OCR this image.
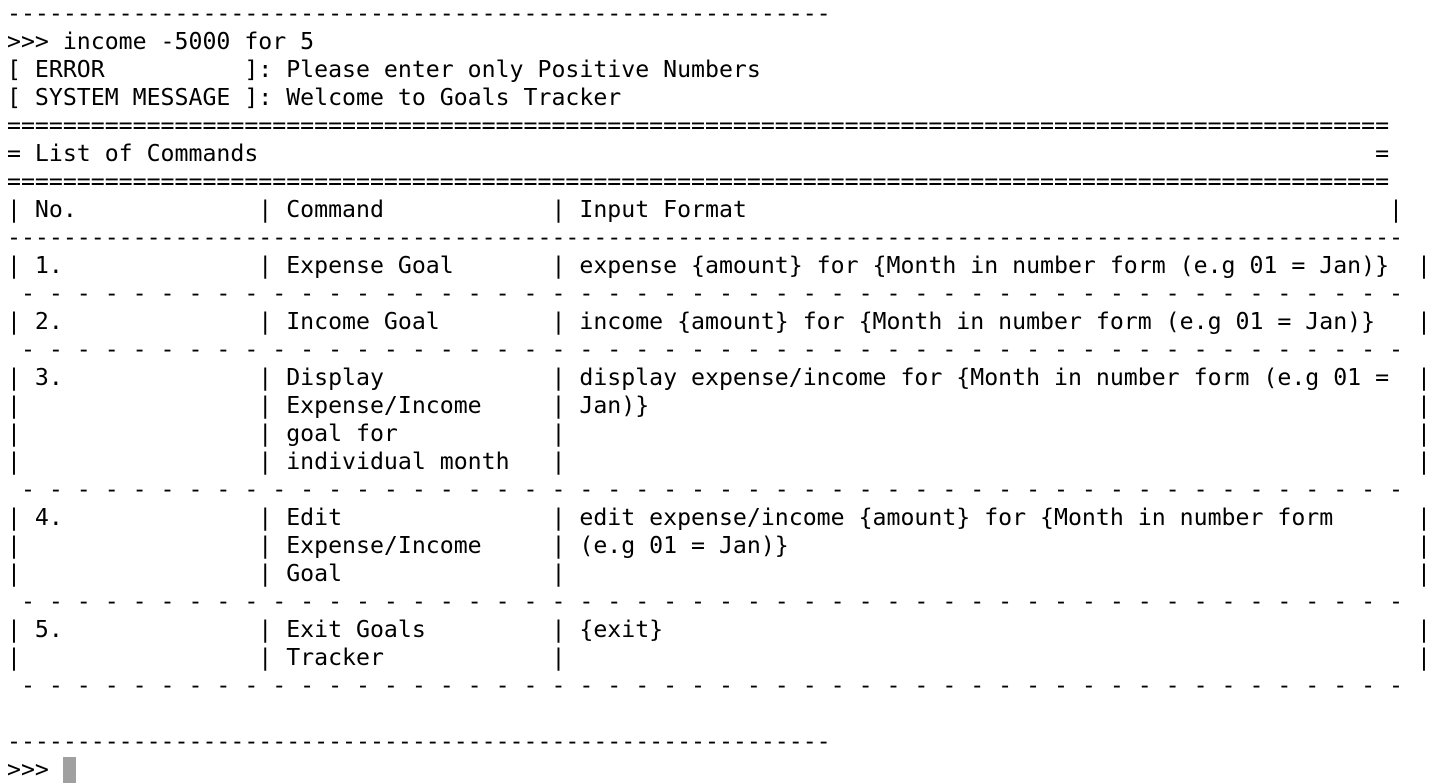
-----------------------------------------------------------
>>> income -5000 for 5
[ ERROR          ]: Please enter only Positive Numbers
[ SYSTEM MESSAGE ]: Welcome to Goals Tracker
===================================================================================================
= List of Commands                                                                                =
===================================================================================================
| No.             | Command            | Input Format                                              |
----------------------------------------------------------------------------------------------------
| 1.              | Expense Goal       | expense {amount} for {Month in number form (e.g 01 = Jan)}  |
- - - - - - - - - - - - - - - - - - - - - - - - - - - - - - - - - - - - - - - - - - - - - - - - - -
| 2.              | Income Goal        | income {amount} for {Month in number form (e.g 01 = Jan)}   |
- - - - - - - - - - - - - - - - - - - - - - - - - - - - - - - - - - - - - - - - - - - - - - - - - -
| 3.              | Display            | display expense/income for {Month in number form (e.g 01 =  |
|                 | Expense/Income     | Jan)}                                                       |
|                 | goal for           |                                                             |
|                 | individual month   |                                                             |
- - - - - - - - - - - - - - - - - - - - - - - - - - - - - - - - - - - - - - - - - - - - - - - - - -
| 4.              | Edit               | edit expense/income {amount} for {Month in number form      |
|                 | Expense/Income     | (e.g 01 = Jan)}                                             |
|                 | Goal               |                                                             |
- - - - - - - - - - - - - - - - - - - - - - - - - - - - - - - - - - - - - - - - - - - - - - - - - -
| 5.              | Exit Goals         | {exit}                                                      |
|                 | Tracker            |                                                             |
- - - - - - - - - - - - - - - - - - - - - - - - - - - - - - - - - - - - - - - - - - - - - - - - - -
-----------------------------------------------------------
>>>
